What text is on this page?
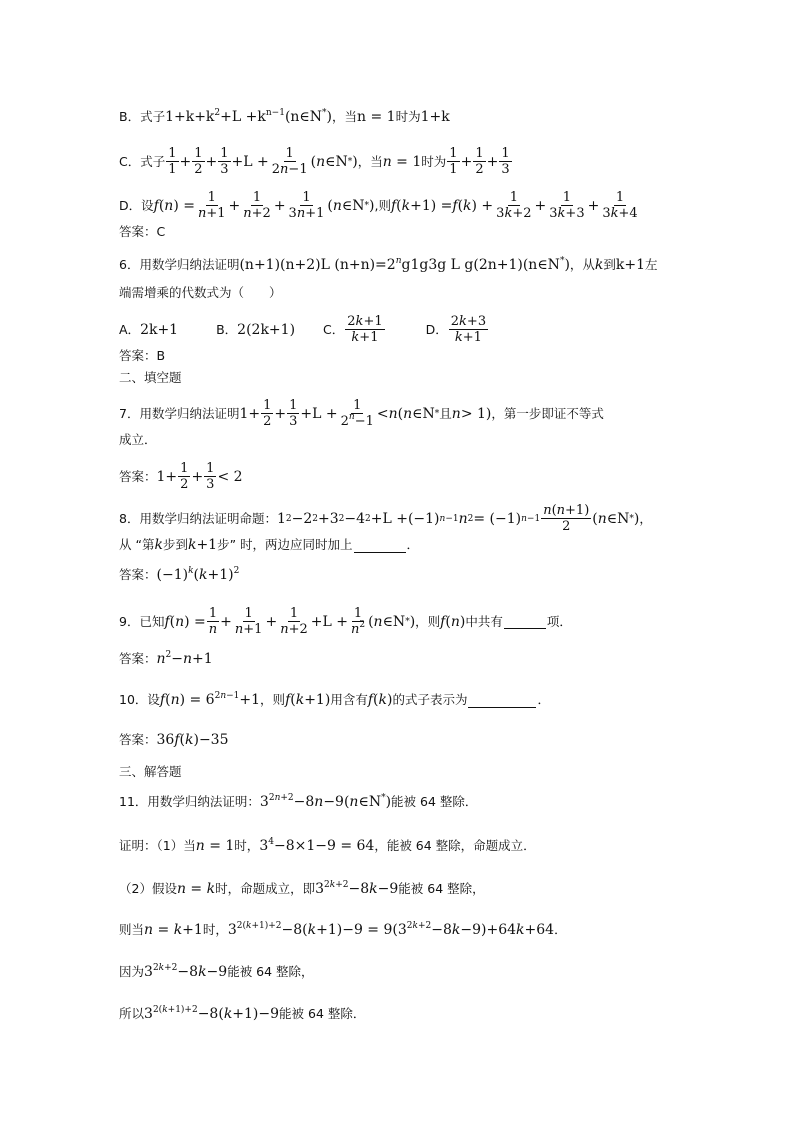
B．式子 $1+k+k^2+L$ $+k^{n-1}(n\in N^*)$ ，当 n = 1 时为 1+k
C．式子 $\frac{1}{1} + \frac{1}{2} + \frac{1}{3} +L + \frac{1}{2n-1}$ ( n ∈N * ) ，当 n = 1 时为 $\frac{1}{1} + \frac{1}{2} + \frac{1}{3}$
D．设 f ( n ) = $\frac{1}{n+1} + \frac{1}{n+2} + \frac{1}{3n+1}$ ( n ∈N * ) ,则 f ( k +1) = f ( k ) + $\frac{1}{3k+2} + \frac{1}{3k+3} + \frac{1}{3k+4}$
答案： C
6．用数学归纳法证明 (n+1)(n+2)L $(n+n)=2^ng1g3g$ L g(2n+1)(n∈N*) ，从 k 到 k+1 左
端需增乘的代数式为（　　）
A． 2k+1	B． 2(2k+1) C． $\frac{2k+1}{k+1}$	D． $\frac{2k+3}{k+1}$
答案： B
二、填空题
7．用数学归纳法证明 $1+ \frac{1}{2} + \frac{1}{3} +L + \frac{1}{2^n-1} < n$ ( n ∈N * 且 n > 1) ，第一步即证不等式
成立．
答案： $1+ \frac{1}{2} + \frac{1}{3} < 2$
8．用数学归纳法证明命题： 1 2 −2 2 +3 2 −4 2 +L +(−1) n−1 n 2 = (−1) $n-1 \frac{n(n+1)}{2}$ ( n ∈N * ) ，
从 “第 k 步到 k+1 步” 时，两边应同时加上	．
答案： $(-1)^k(k+1)^2$
9．已知 f ( n ) = $\frac{1}{n} + \frac{1}{n+1} + \frac{1}{n+2} +L + \frac{1}{n^2}$ ( n ∈N * ) ，则 f(n) 中共有	项．
答案： $n^2-n+1$
10．设 $f(n) = 6^{2n-1}+1$ ，则 f(k+1) 用含有 f(k) 的式子表示为	．
答案： 36f(k)−35
三、解答题
11．用数学归纳法证明： $3^{2n+2}-8n-9(n\in N^*)$ 能被 64 整除．
证明：（1）当 n = 1 时， $3^4-8\times 1-9 = 64$ ，能被 64 整除，命题成立．
（2）假设 n = k 时，命题成立，即 $3^{2k+2}-8k-9$ 能被 64 整除，
则当 n = k+1 时， $3^{2(k+1)+2}-8(k+1)-9 = 9(3^{2k+2}-8k-9)+64k+64$ ．
因为 $3^{2k+2}-8k-9$ 能被 64 整除，
所以 $3^{2(k+1)+2}-8(k+1)-9$ 能被 64 整除．
